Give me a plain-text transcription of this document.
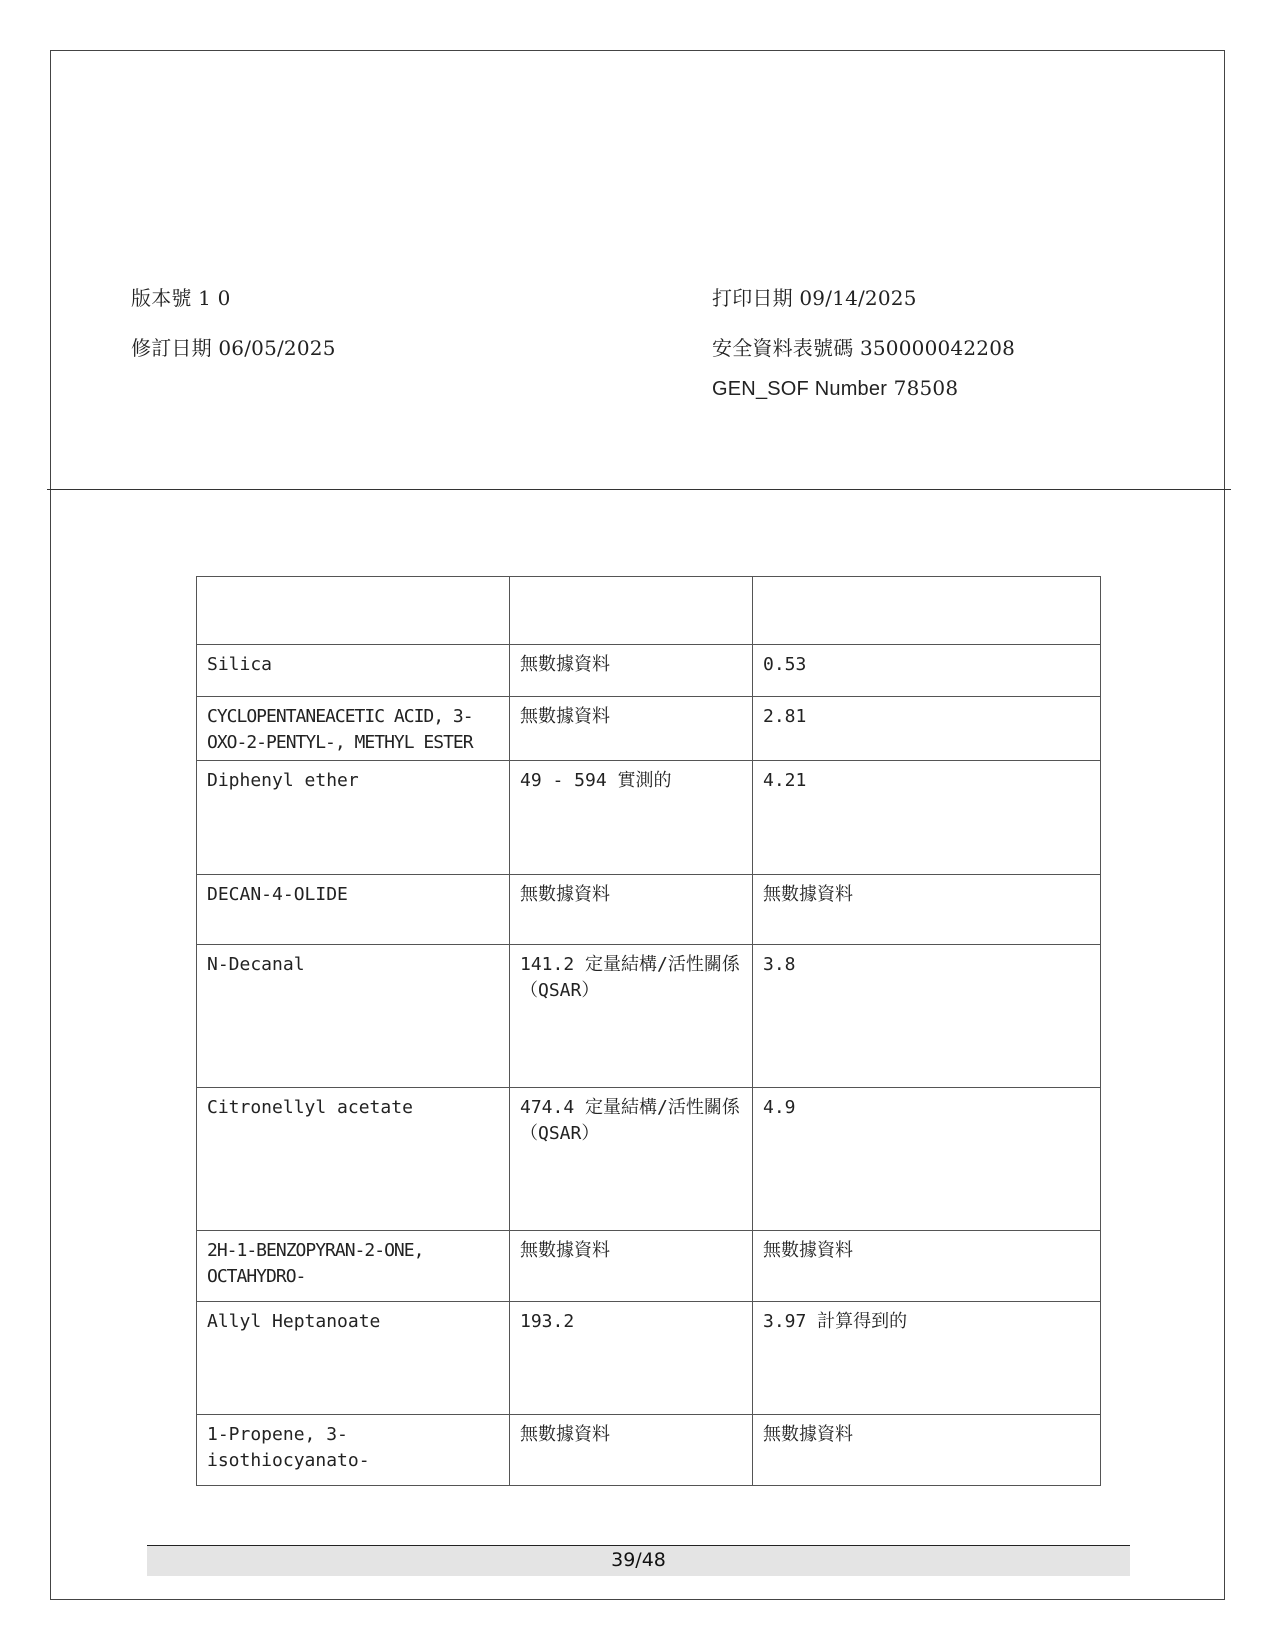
版本號 1 0
修訂日期 06/05/2025
打印日期 09/14/2025
安全資料表號碼 350000042208
GEN_SOF Number 78508

Silica	無數據資料	0.53
CYCLOPENTANEACETIC ACID, 3-OXO-2-PENTYL-, METHYL ESTER	無數據資料	2.81
Diphenyl ether	49 - 594 實測的	4.21
DECAN-4-OLIDE	無數據資料	無數據資料
N-Decanal	141.2 定量結構/活性關係（QSAR）	3.8
Citronellyl acetate	474.4 定量結構/活性關係（QSAR）	4.9
2H-1-BENZOPYRAN-2-ONE, OCTAHYDRO-	無數據資料	無數據資料
Allyl Heptanoate	193.2	3.97 計算得到的
1-Propene, 3-isothiocyanato-	無數據資料	無數據資料
39/48
